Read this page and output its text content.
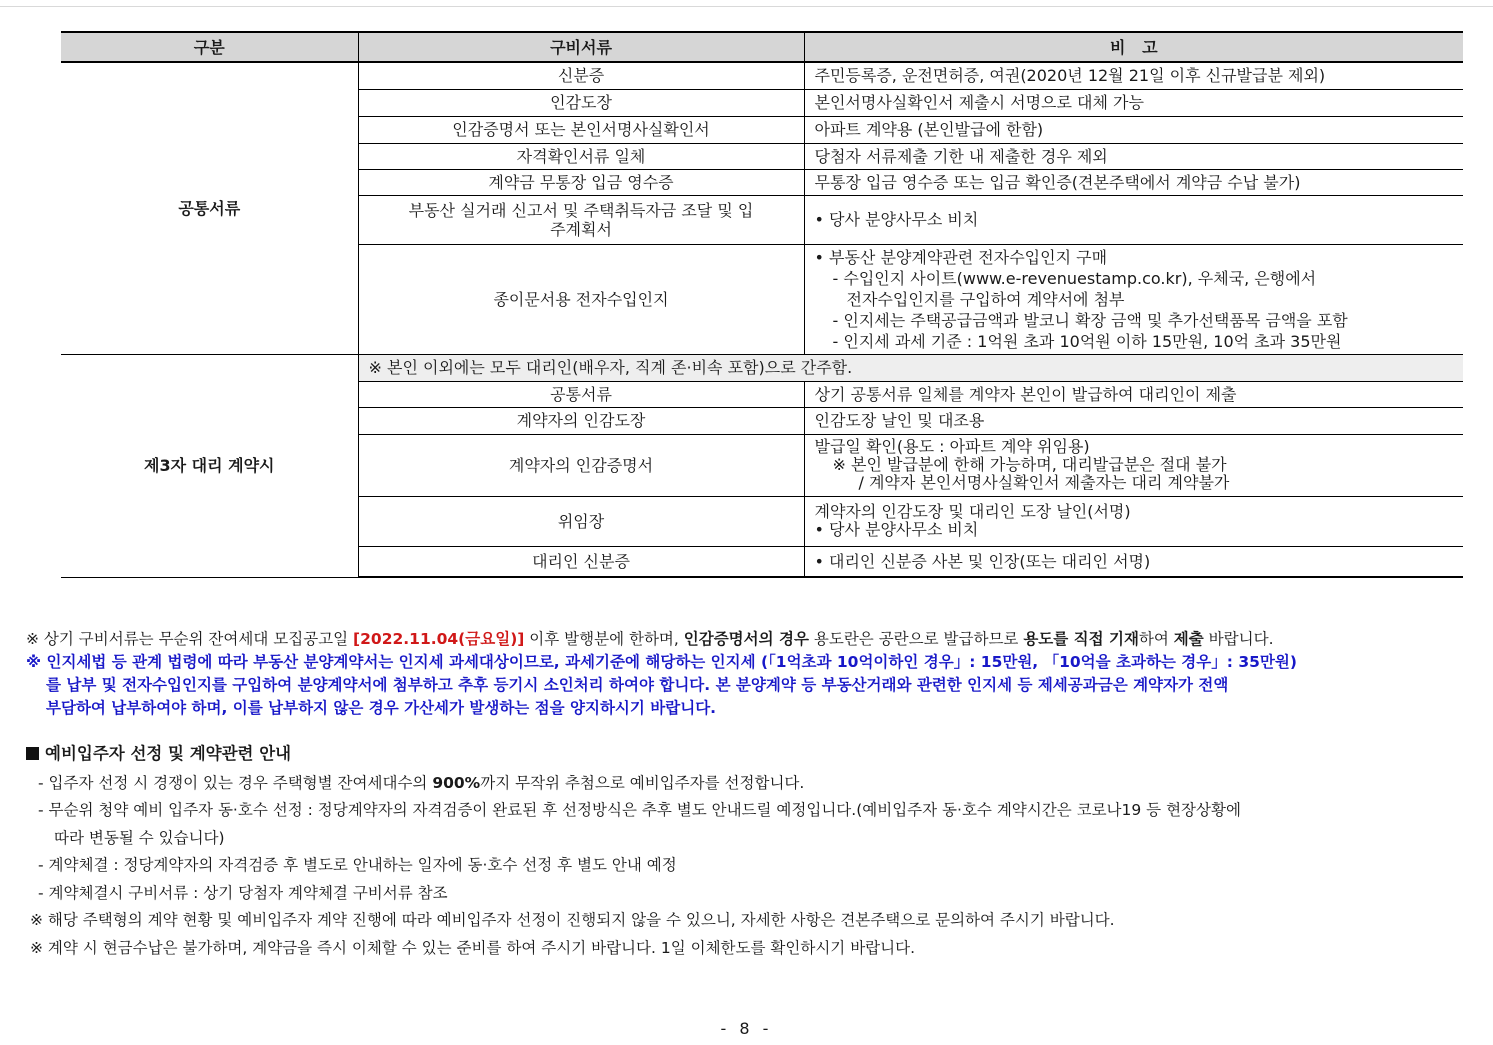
구분	구비서류	비   고
공통서류	신분증	주민등록증, 운전면허증, 여권(2020년 12월 21일 이후 신규발급분 제외)
	인감도장	본인서명사실확인서 제출시 서명으로 대체 가능
	인감증명서 또는 본인서명사실확인서	아파트 계약용 (본인발급에 한함)
	자격확인서류 일체	당첨자 서류제출 기한 내 제출한 경우 제외
	계약금 무통장 입금 영수증	무통장 입금 영수증 또는 입금 확인증(견본주택에서 계약금 수납 불가)
	부동산 실거래 신고서 및 주택취득자금 조달 및 입주계획서	• 당사 분양사무소 비치
	종이문서용 전자수입인지	• 부동산 분양계약관련 전자수입인지 구매
- 수입인지 사이트(www.e-revenuestamp.co.kr), 우체국, 은행에서
전자수입인지를 구입하여 계약서에 첨부
- 인지세는 주택공급금액과 발코니 확장 금액 및 추가선택품목 금액을 포함
- 인지세 과세 기준 : 1억원 초과 10억원 이하 15만원, 10억 초과 35만원

제3자 대리 계약시	※ 본인 이외에는 모두 대리인(배우자, 직계 존·비속 포함)으로 간주함.	
	공통서류	상기 공통서류 일체를 계약자 본인이 발급하여 대리인이 제출
	계약자의 인감도장	인감도장 날인 및 대조용
	계약자의 인감증명서	발급일 확인(용도 : 아파트 계약 위임용)
※ 본인 발급분에 한해 가능하며, 대리발급분은 절대 불가
/ 계약자 본인서명사실확인서 제출자는 대리 계약불가

	위임장	계약자의 인감도장 및 대리인 도장 날인(서명)
• 당사 분양사무소 비치

	대리인 신분증	• 대리인 신분증 사본 및 인장(또는 대리인 서명)

※ 상기 구비서류는 무순위 잔여세대 모집공고일 [2022.11.04(금요일)] 이후 발행분에 한하며, 인감증명서의 경우 용도란은 공란으로 발급하므로 용도를 직접 기재하여 제출 바랍니다.

※ 인지세법 등 관계 법령에 따라 부동산 분양계약서는 인지세 과세대상이므로, 과세기준에 해당하는 인지세 (「1억초과 10억이하인 경우」: 15만원, 「10억을 초과하는 경우」: 35만원)

를 납부 및 전자수입인지를 구입하여 분양계약서에 첨부하고 추후 등기시 소인처리 하여야 합니다. 본 분양계약 등 부동산거래와 관련한 인지세 등 제세공과금은 계약자가 전액

부담하여 납부하여야 하며, 이를 납부하지 않은 경우 가산세가 발생하는 점을 양지하시기 바랍니다.

예비입주자 선정 및 계약관련 안내

- 입주자 선정 시 경쟁이 있는 경우 주택형별 잔여세대수의 900%까지 무작위 추첨으로 예비입주자를 선정합니다.

- 무순위 청약 예비 입주자 동·호수 선정 : 정당계약자의 자격검증이 완료된 후 선정방식은 추후 별도 안내드릴 예정입니다.(예비입주자 동·호수 계약시간은 코로나19 등 현장상황에

따라 변동될 수 있습니다)

- 계약체결 : 정당계약자의 자격검증 후 별도로 안내하는 일자에 동·호수 선정 후 별도 안내 예정

- 계약체결시 구비서류 : 상기 당첨자 계약체결 구비서류 참조

※ 해당 주택형의 계약 현황 및 예비입주자 계약 진행에 따라 예비입주자 선정이 진행되지 않을 수 있으니, 자세한 사항은 견본주택으로 문의하여 주시기 바랍니다.

※ 계약 시 현금수납은 불가하며, 계약금을 즉시 이체할 수 있는 준비를 하여 주시기 바랍니다. 1일 이체한도를 확인하시기 바랍니다.

- 8 -
